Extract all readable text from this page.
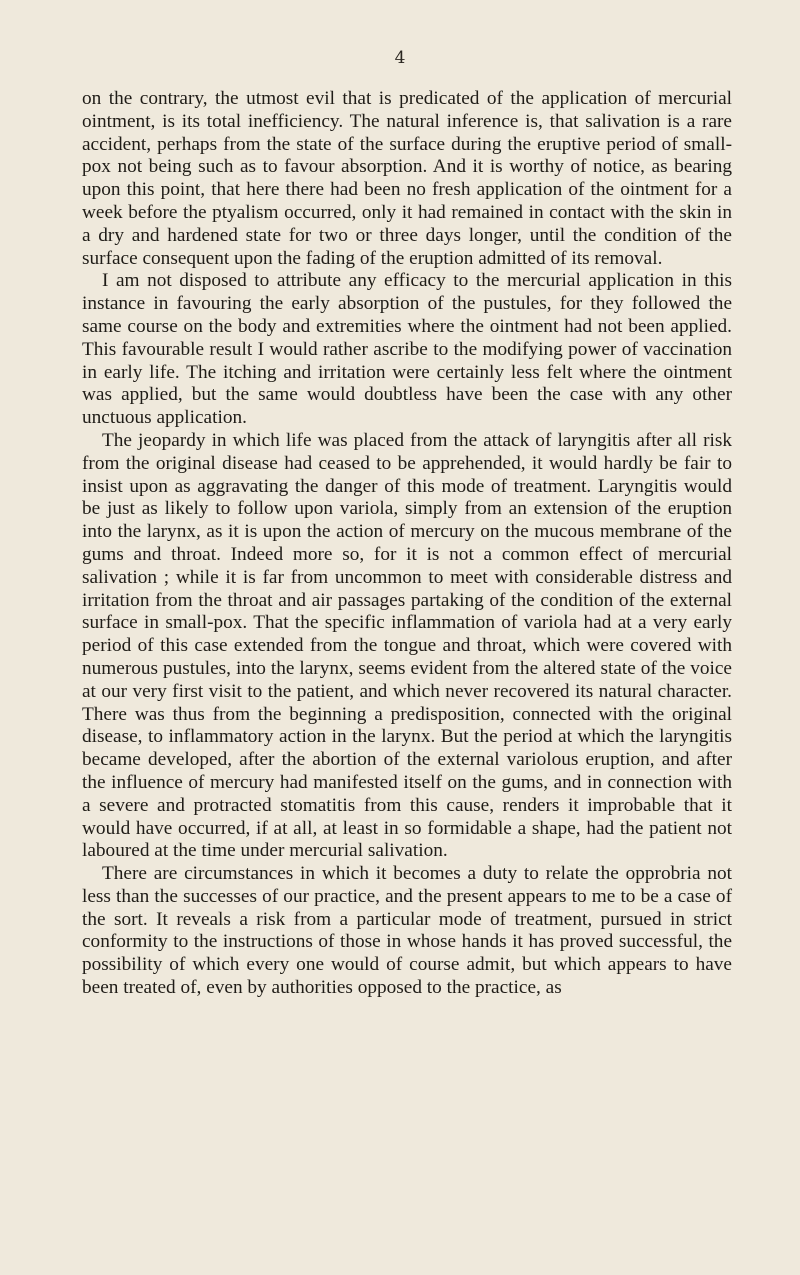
4

on the contrary, the utmost evil that is predicated of the application of mercurial ointment, is its total inefficiency. The natural inference is, that salivation is a rare accident, perhaps from the state of the surface during the eruptive period of small-pox not being such as to favour absorption. And it is worthy of notice, as bearing upon this point, that here there had been no fresh application of the ointment for a week before the ptyalism occurred, only it had remained in contact with the skin in a dry and hardened state for two or three days longer, until the condition of the surface consequent upon the fading of the eruption admitted of its removal.

I am not disposed to attribute any efficacy to the mercurial application in this instance in favouring the early absorption of the pustules, for they followed the same course on the body and extremities where the ointment had not been applied. This favourable result I would rather ascribe to the modifying power of vaccination in early life. The itching and irritation were certainly less felt where the ointment was applied, but the same would doubtless have been the case with any other unctuous application.

The jeopardy in which life was placed from the attack of laryngitis after all risk from the original disease had ceased to be apprehended, it would hardly be fair to insist upon as aggravating the danger of this mode of treatment. Laryngitis would be just as likely to follow upon variola, simply from an extension of the eruption into the larynx, as it is upon the action of mercury on the mucous membrane of the gums and throat. Indeed more so, for it is not a common effect of mercurial salivation ; while it is far from uncommon to meet with considerable distress and irritation from the throat and air passages partaking of the condition of the external surface in small-pox. That the specific inflammation of variola had at a very early period of this case extended from the tongue and throat, which were covered with numerous pustules, into the larynx, seems evident from the altered state of the voice at our very first visit to the patient, and which never recovered its natural character. There was thus from the beginning a predisposition, connected with the original disease, to inflammatory action in the larynx. But the period at which the laryngitis became developed, after the abortion of the external variolous eruption, and after the influence of mercury had manifested itself on the gums, and in connection with a severe and protracted stomatitis from this cause, renders it improbable that it would have occurred, if at all, at least in so formidable a shape, had the patient not laboured at the time under mercurial salivation.

There are circumstances in which it becomes a duty to relate the opprobria not less than the successes of our practice, and the present appears to me to be a case of the sort. It reveals a risk from a particular mode of treatment, pursued in strict conformity to the instructions of those in whose hands it has proved successful, the possibility of which every one would of course admit, but which appears to have been treated of, even by authorities opposed to the practice, as
